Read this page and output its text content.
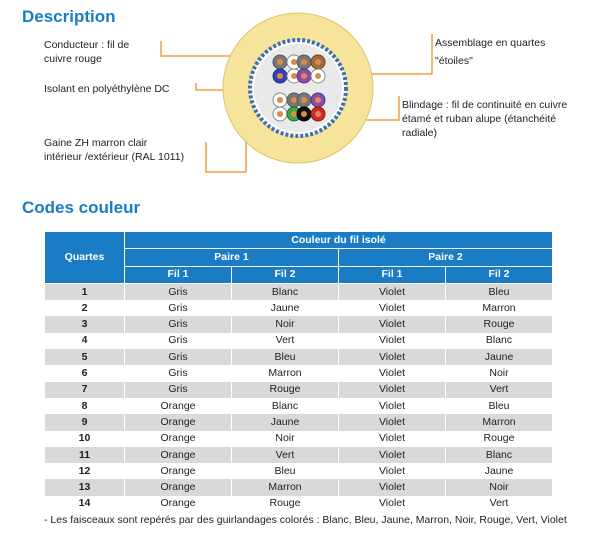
Description
Codes couleur
Conducteur : fil de
cuivre rouge
Isolant en polyéthylène DC
Gaine ZH marron clair
intérieur /extérieur (RAL 1011)
Assemblage en quartes
"étoiles"
Blindage : fil de continuité en cuivre
étamé et ruban alupe (étanchéité
radiale)
Quartes	Couleur du fil isolé			
	Paire 1		Paire 2	
	Fil 1	Fil 2	Fil 1	Fil 2
1	Gris	Blanc	Violet	Bleu
2	Gris	Jaune	Violet	Marron
3	Gris	Noir	Violet	Rouge
4	Gris	Vert	Violet	Blanc
5	Gris	Bleu	Violet	Jaune
6	Gris	Marron	Violet	Noir
7	Gris	Rouge	Violet	Vert
8	Orange	Blanc	Violet	Bleu
9	Orange	Jaune	Violet	Marron
10	Orange	Noir	Violet	Rouge
11	Orange	Vert	Violet	Blanc
12	Orange	Bleu	Violet	Jaune
13	Orange	Marron	Violet	Noir
14	Orange	Rouge	Violet	Vert
- Les faisceaux sont repérés par des guirlandages colorés : Blanc, Bleu, Jaune, Marron, Noir, Rouge, Vert, Violet
